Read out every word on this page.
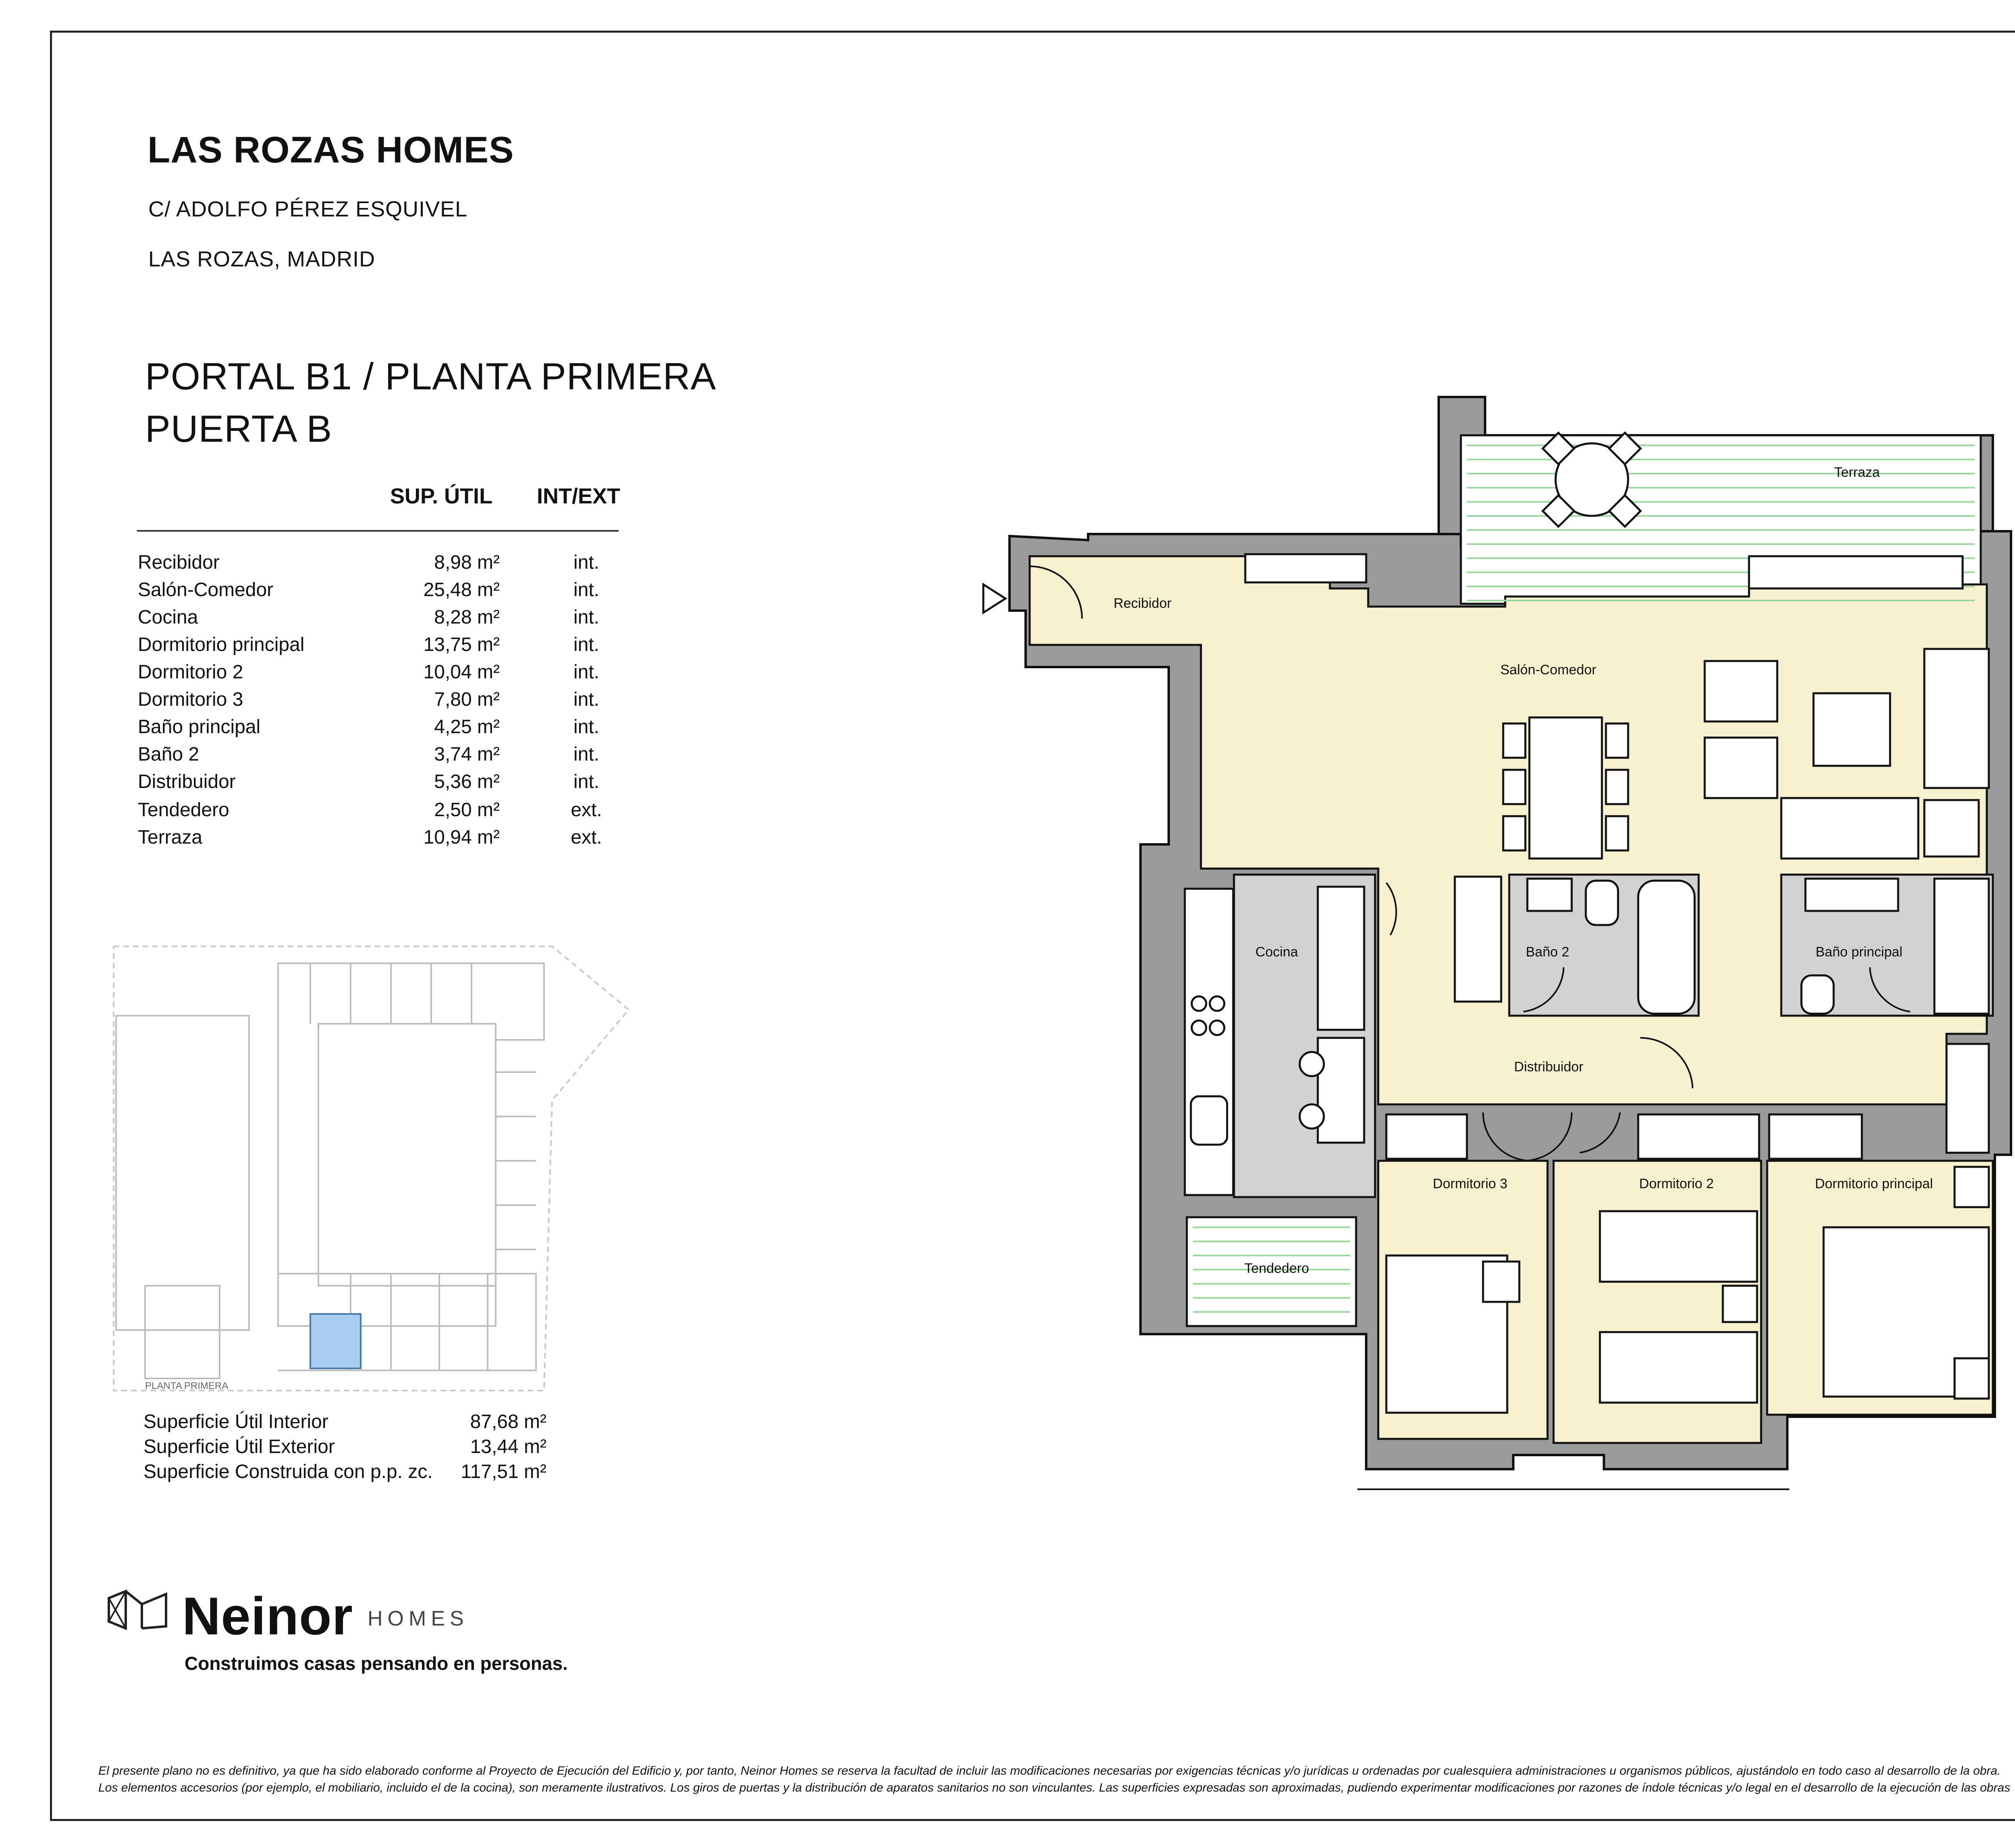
LAS ROZAS HOMES
C/ ADOLFO PÉREZ ESQUIVEL
LAS ROZAS, MADRID
PORTAL B1 / PLANTA PRIMERA
PUERTA B
SUP. ÚTIL INT/EXT
Recibidor	8,98 m²	int.
Salón-Comedor	25,48 m²	int.
Cocina	8,28 m²	int.
Dormitorio principal	13,75 m²	int.
Dormitorio 2	10,04 m²	int.
Dormitorio 3	7,80 m²	int.
Baño principal	4,25 m²	int.
Baño 2	3,74 m²	int.
Distribuidor	5,36 m²	int.
Tendedero	2,50 m²	ext.
Terraza	10,94 m²	ext.
PLANTA PRIMERA
Superficie Útil Interior	87,68 m²
Superficie Útil Exterior	13,44 m²
Superficie Construida con p.p. zc. 117,51 m²
Terraza
Recibidor
Salón-Comedor
Cocina	Baño 2	Baño principal
Distribuidor
Dormitorio 3	Dormitorio 2	Dormitorio principal
Tendedero
Neinor HOMES
Construimos casas pensando en personas.
El presente plano no es definitivo, ya que ha sido elaborado conforme al Proyecto de Ejecución del Edificio y, por tanto, Neinor Homes se reserva la facultad de incluir las modificaciones necesarias por exigencias técnicas y/o jurídicas u ordenadas por cualesquiera administraciones u organismos públicos, ajustándolo en todo caso al desarrollo de la obra.
Los elementos accesorios (por ejemplo, el mobiliario, incluido el de la cocina), son meramente ilustrativos. Los giros de puertas y la distribución de aparatos sanitarios no son vinculantes. Las superficies expresadas son aproximadas, pudiendo experimentar modificaciones por razones de índole técnicas y/o legal en el desarrollo de la ejecución de las obras
